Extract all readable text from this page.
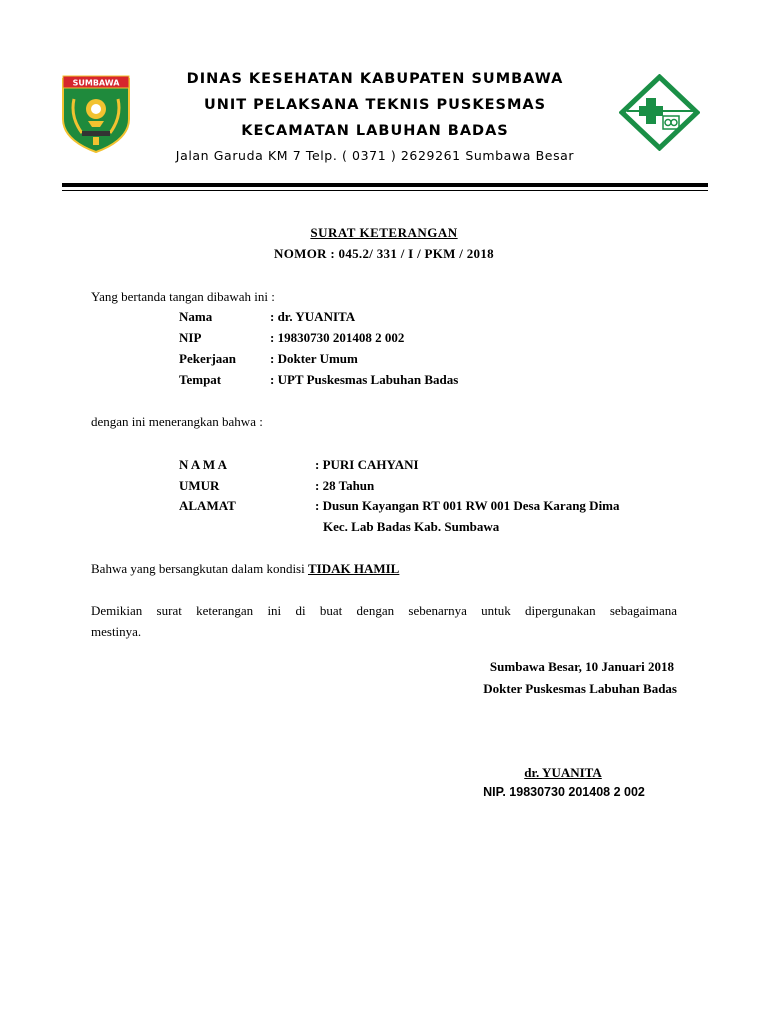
SUMBAWA	DINAS KESEHATAN KABUPATEN SUMBAWA
UNIT PELAKSANA TEKNIS PUSKESMAS
KECAMATAN LABUHAN BADAS
Jalan Garuda KM 7 Telp. ( 0371 ) 2629261 Sumbawa Besar
SURAT KETERANGAN
NOMOR : 045.2/ 331 / I / PKM / 2018
Yang bertanda tangan dibawah ini :
Nama	: dr. YUANITA
NIP	: 19830730 201408 2 002
Pekerjaan	: Dokter Umum
Tempat	: UPT Puskesmas Labuhan Badas
dengan ini menerangkan bahwa :
N A M A	: PURI CAHYANI
UMUR	: 28 Tahun
ALAMAT	: Dusun Kayangan RT 001 RW 001 Desa Karang Dima
Kec. Lab Badas Kab. Sumbawa
Bahwa yang bersangkutan dalam kondisi TIDAK HAMIL
Demikian surat keterangan ini di buat dengan sebenarnya untuk dipergunakan sebagaimana
mestinya.
Sumbawa Besar, 10 Januari 2018
Dokter Puskesmas Labuhan Badas
dr. YUANITA
NIP. 19830730 201408 2 002
